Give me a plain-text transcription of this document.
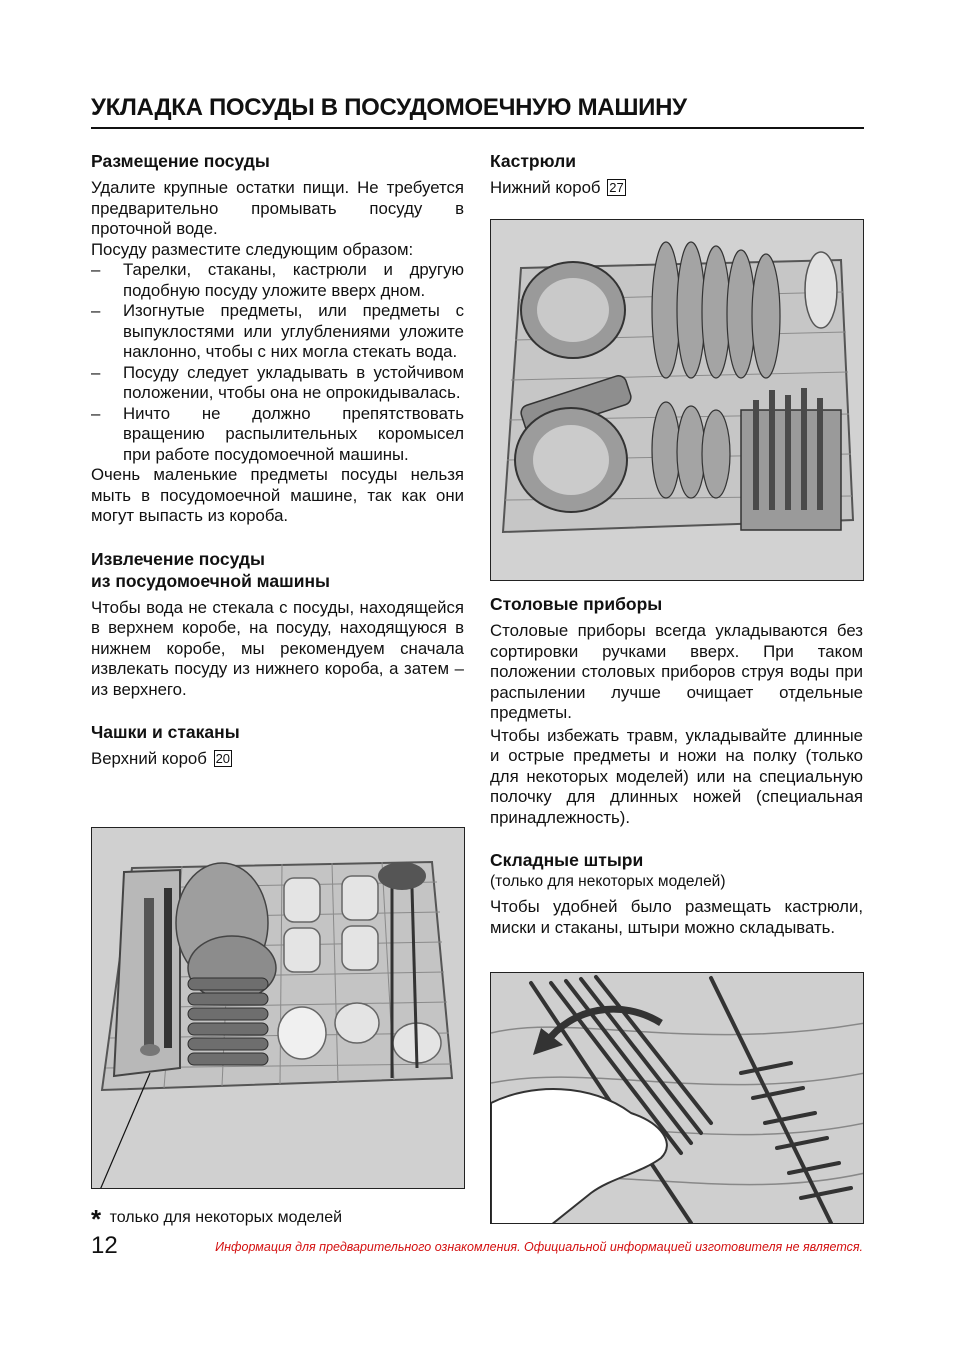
УКЛАДКА ПОСУДЫ В ПОСУДОМОЕЧНУЮ МАШИНУ
Размещение посуды
Удалите крупные остатки пищи. Не требуется предварительно промывать посуду в проточной воде.
Посуду разместите следующим образом:
– Тарелки, стаканы, кастрюли и другую подобную посуду уложите вверх дном.
– Изогнутые предметы, или предметы с выпуклостями или углублениями уложите наклонно, чтобы с них могла стекать вода.
– Посуду следует укладывать в устойчивом положении, чтобы она не опрокидывалась.
– Ничто не должно препятствовать вращению распылительных коромысел при работе посудомоечной машины.
Очень маленькие предметы посуды нельзя мыть в посудомоечной машине, так как они могут выпасть из короба.
Извлечение посуды
из посудомоечной машины
Чтобы вода не стекала с посуды, находящейся в верхнем коробе, на посуду, находящуюся в нижнем коробе, мы рекомендуем сначала извлекать посуду из нижнего короба, а затем – из верхнего.
Чашки и стаканы
Верхний короб 20
* только для некоторых моделей
Кастрюли
Нижний короб 27
Столовые приборы
Столовые приборы всегда укладываются без сортировки ручками вверх. При таком положении столовых приборов струя воды при распылении лучше очищает отдельные предметы.
Чтобы избежать травм, укладывайте длинные и острые предметы и ножи на полку (только для некоторых моделей) или на специальную полочку для длинных ножей (специальная принадлежность).
Складные штыри
(только для некоторых моделей)
Чтобы удобней было размещать кастрюли, миски и стаканы, штыри можно складывать.
12	Информация для предварительного ознакомления. Официальной информацией изготовителя не является.
